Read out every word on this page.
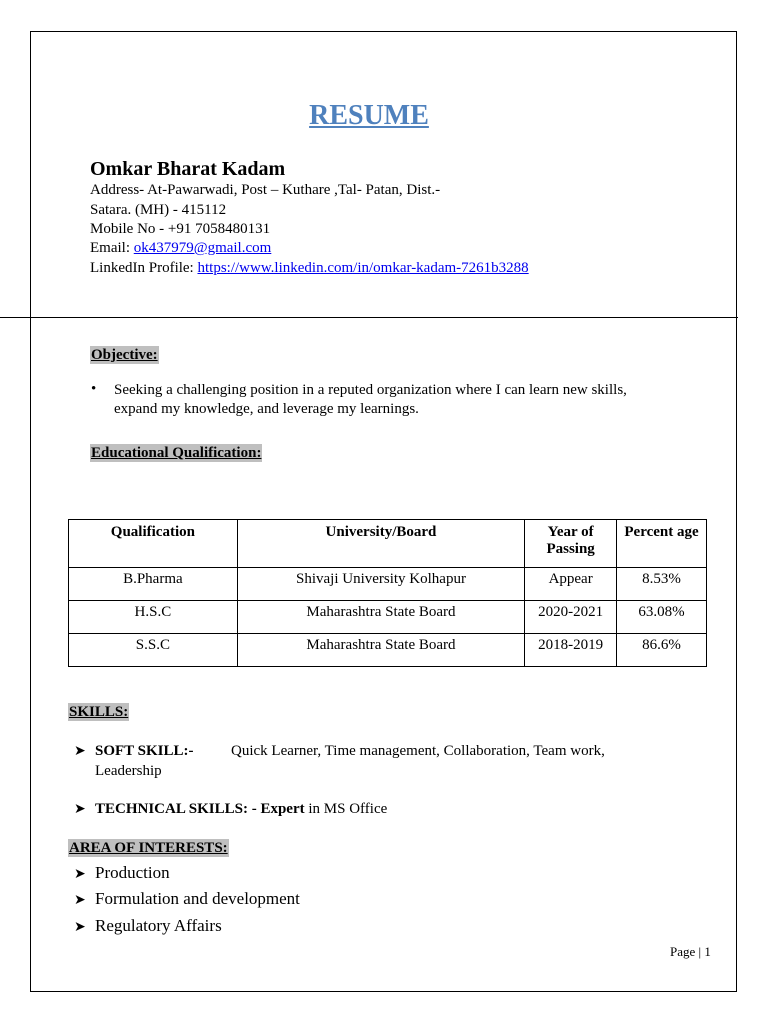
RESUME
Omkar Bharat Kadam
Address- At-Pawarwadi, Post – Kuthare ,Tal- Patan, Dist.-
Satara. (MH) - 415112
Mobile No - +91 7058480131
Email: ok437979@gmail.com
LinkedIn Profile: https://www.linkedin.com/in/omkar-kadam-7261b3288
Objective:
• Seeking a challenging position in a reputed organization where I can learn new skills,
expand my knowledge, and leverage my learnings.
Educational Qualification:
Qualification	University/Board	Year of Passing	Percent age
B.Pharma	Shivaji University Kolhapur	Appear	8.53%
H.S.C	Maharashtra State Board	2020-2021	63.08%
S.S.C	Maharashtra State Board	2018-2019	86.6%
SKILLS:
➤ SOFT SKILL:- Quick Learner, Time management, Collaboration, Team work,
Leadership
➤ TECHNICAL SKILLS: - Expert in MS Office
AREA OF INTERESTS:
➤ Production
➤ Formulation and development
➤ Regulatory Affairs
Page | 1
